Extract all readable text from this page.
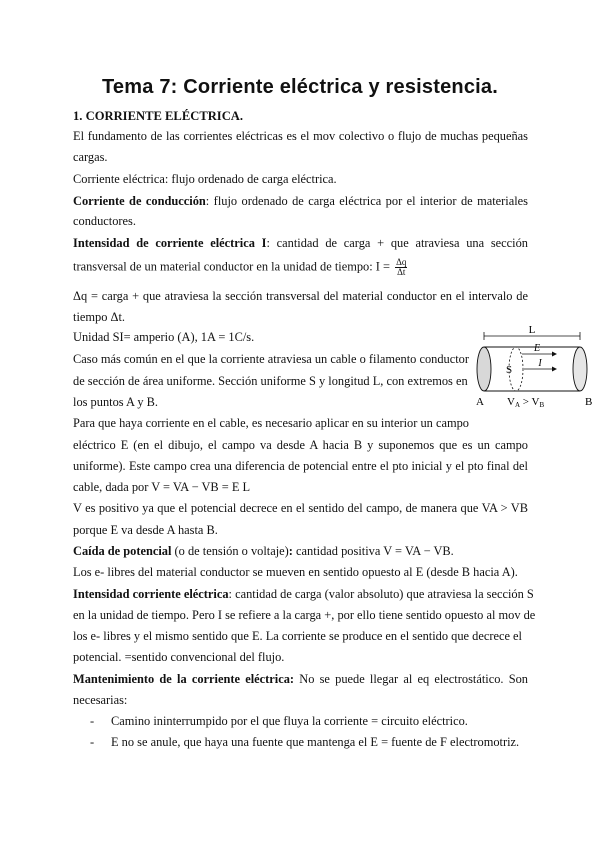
Tema 7: Corriente eléctrica y resistencia.
1. CORRIENTE ELÉCTRICA.
El fundamento de las corrientes eléctricas es el mov colectivo o flujo de muchas pequeñas
cargas.
Corriente eléctrica: flujo ordenado de carga eléctrica.
Corriente de conducción: flujo ordenado de carga eléctrica por el interior de materiales
conductores.
Intensidad de corriente eléctrica I: cantidad de carga + que atraviesa una sección
transversal de un material conductor en la unidad de tiempo: $I = \frac{\Delta q}{\Delta t}$
Δq = carga + que atraviesa la sección transversal del material conductor en el intervalo de
tiempo Δt.
Unidad SI= amperio (A), 1A = 1C/s.
Caso más común en el que la corriente atraviesa un cable o filamento conductor
de sección de área uniforme. Sección uniforme S y longitud L, con extremos en
los puntos A y B.
Para que haya corriente en el cable, es necesario aplicar en su interior un campo
eléctrico E (en el dibujo, el campo va desde A hacia B y suponemos que es un campo
uniforme). Este campo crea una diferencia de potencial entre el pto inicial y el pto final del
cable, dada por V = VA − VB = E L
V es positivo ya que el potencial decrece en el sentido del campo, de manera que VA > VB
porque E va desde A hasta B.
Caída de potencial (o de tensión o voltaje): cantidad positiva V = VA − VB.
Los e- libres del material conductor se mueven en sentido opuesto al E (desde B hacia A).
Intensidad corriente eléctrica: cantidad de carga (valor absoluto) que atraviesa la sección S
en la unidad de tiempo. Pero I se refiere a la carga +, por ello tiene sentido opuesto al mov de
los e- libres y el mismo sentido que E. La corriente se produce en el sentido que decrece el
potencial. =sentido convencional del flujo.
Mantenimiento de la corriente eléctrica: No se puede llegar al eq electrostático. Son
necesarias:
- Camino ininterrumpido por el que fluya la corriente = circuito eléctrico.
- E no se anule, que haya una fuente que mantenga el E = fuente de F electromotriz.
L
E
I
S
A	B
VA > VB
